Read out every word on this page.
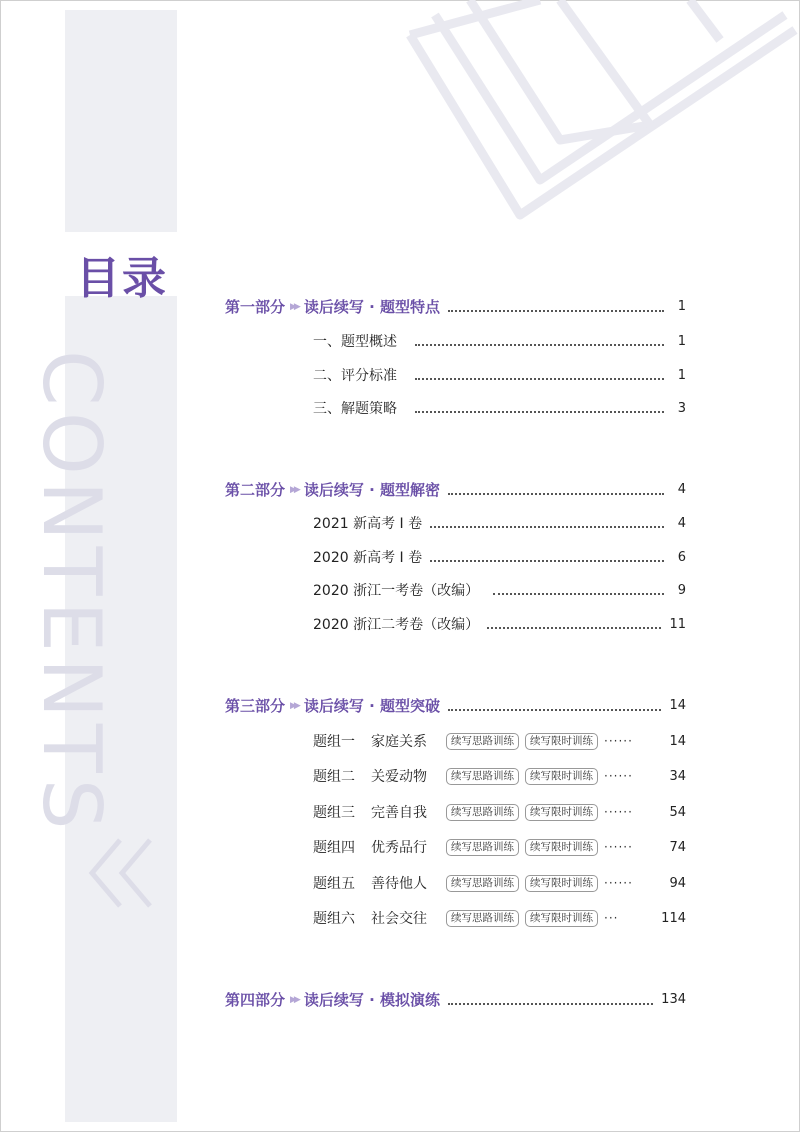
目录
CONTENTS
第一部分 ▶▶ 读后续写 · 题型特点	1
一、题型概述	1
二、评分标准	1
三、解题策略	3
第二部分 ▶▶ 读后续写 · 题型解密	4
2021 新高考 I 卷	4
2020 新高考 I 卷	6
2020 浙江一考卷（改编）	9
2020 浙江二考卷（改编）	11
第三部分 ▶▶ 读后续写 · 题型突破	14
题组一	家庭关系	续写思路训练	续写限时训练 ······	14
题组二	关爱动物	续写思路训练	续写限时训练 ······	34
题组三	完善自我	续写思路训练	续写限时训练 ······	54
题组四	优秀品行	续写思路训练	续写限时训练 ······	74
题组五	善待他人	续写思路训练	续写限时训练 ······	94
题组六	社会交往	续写思路训练	续写限时训练 ···	114
第四部分 ▶▶ 读后续写 · 模拟演练	134
